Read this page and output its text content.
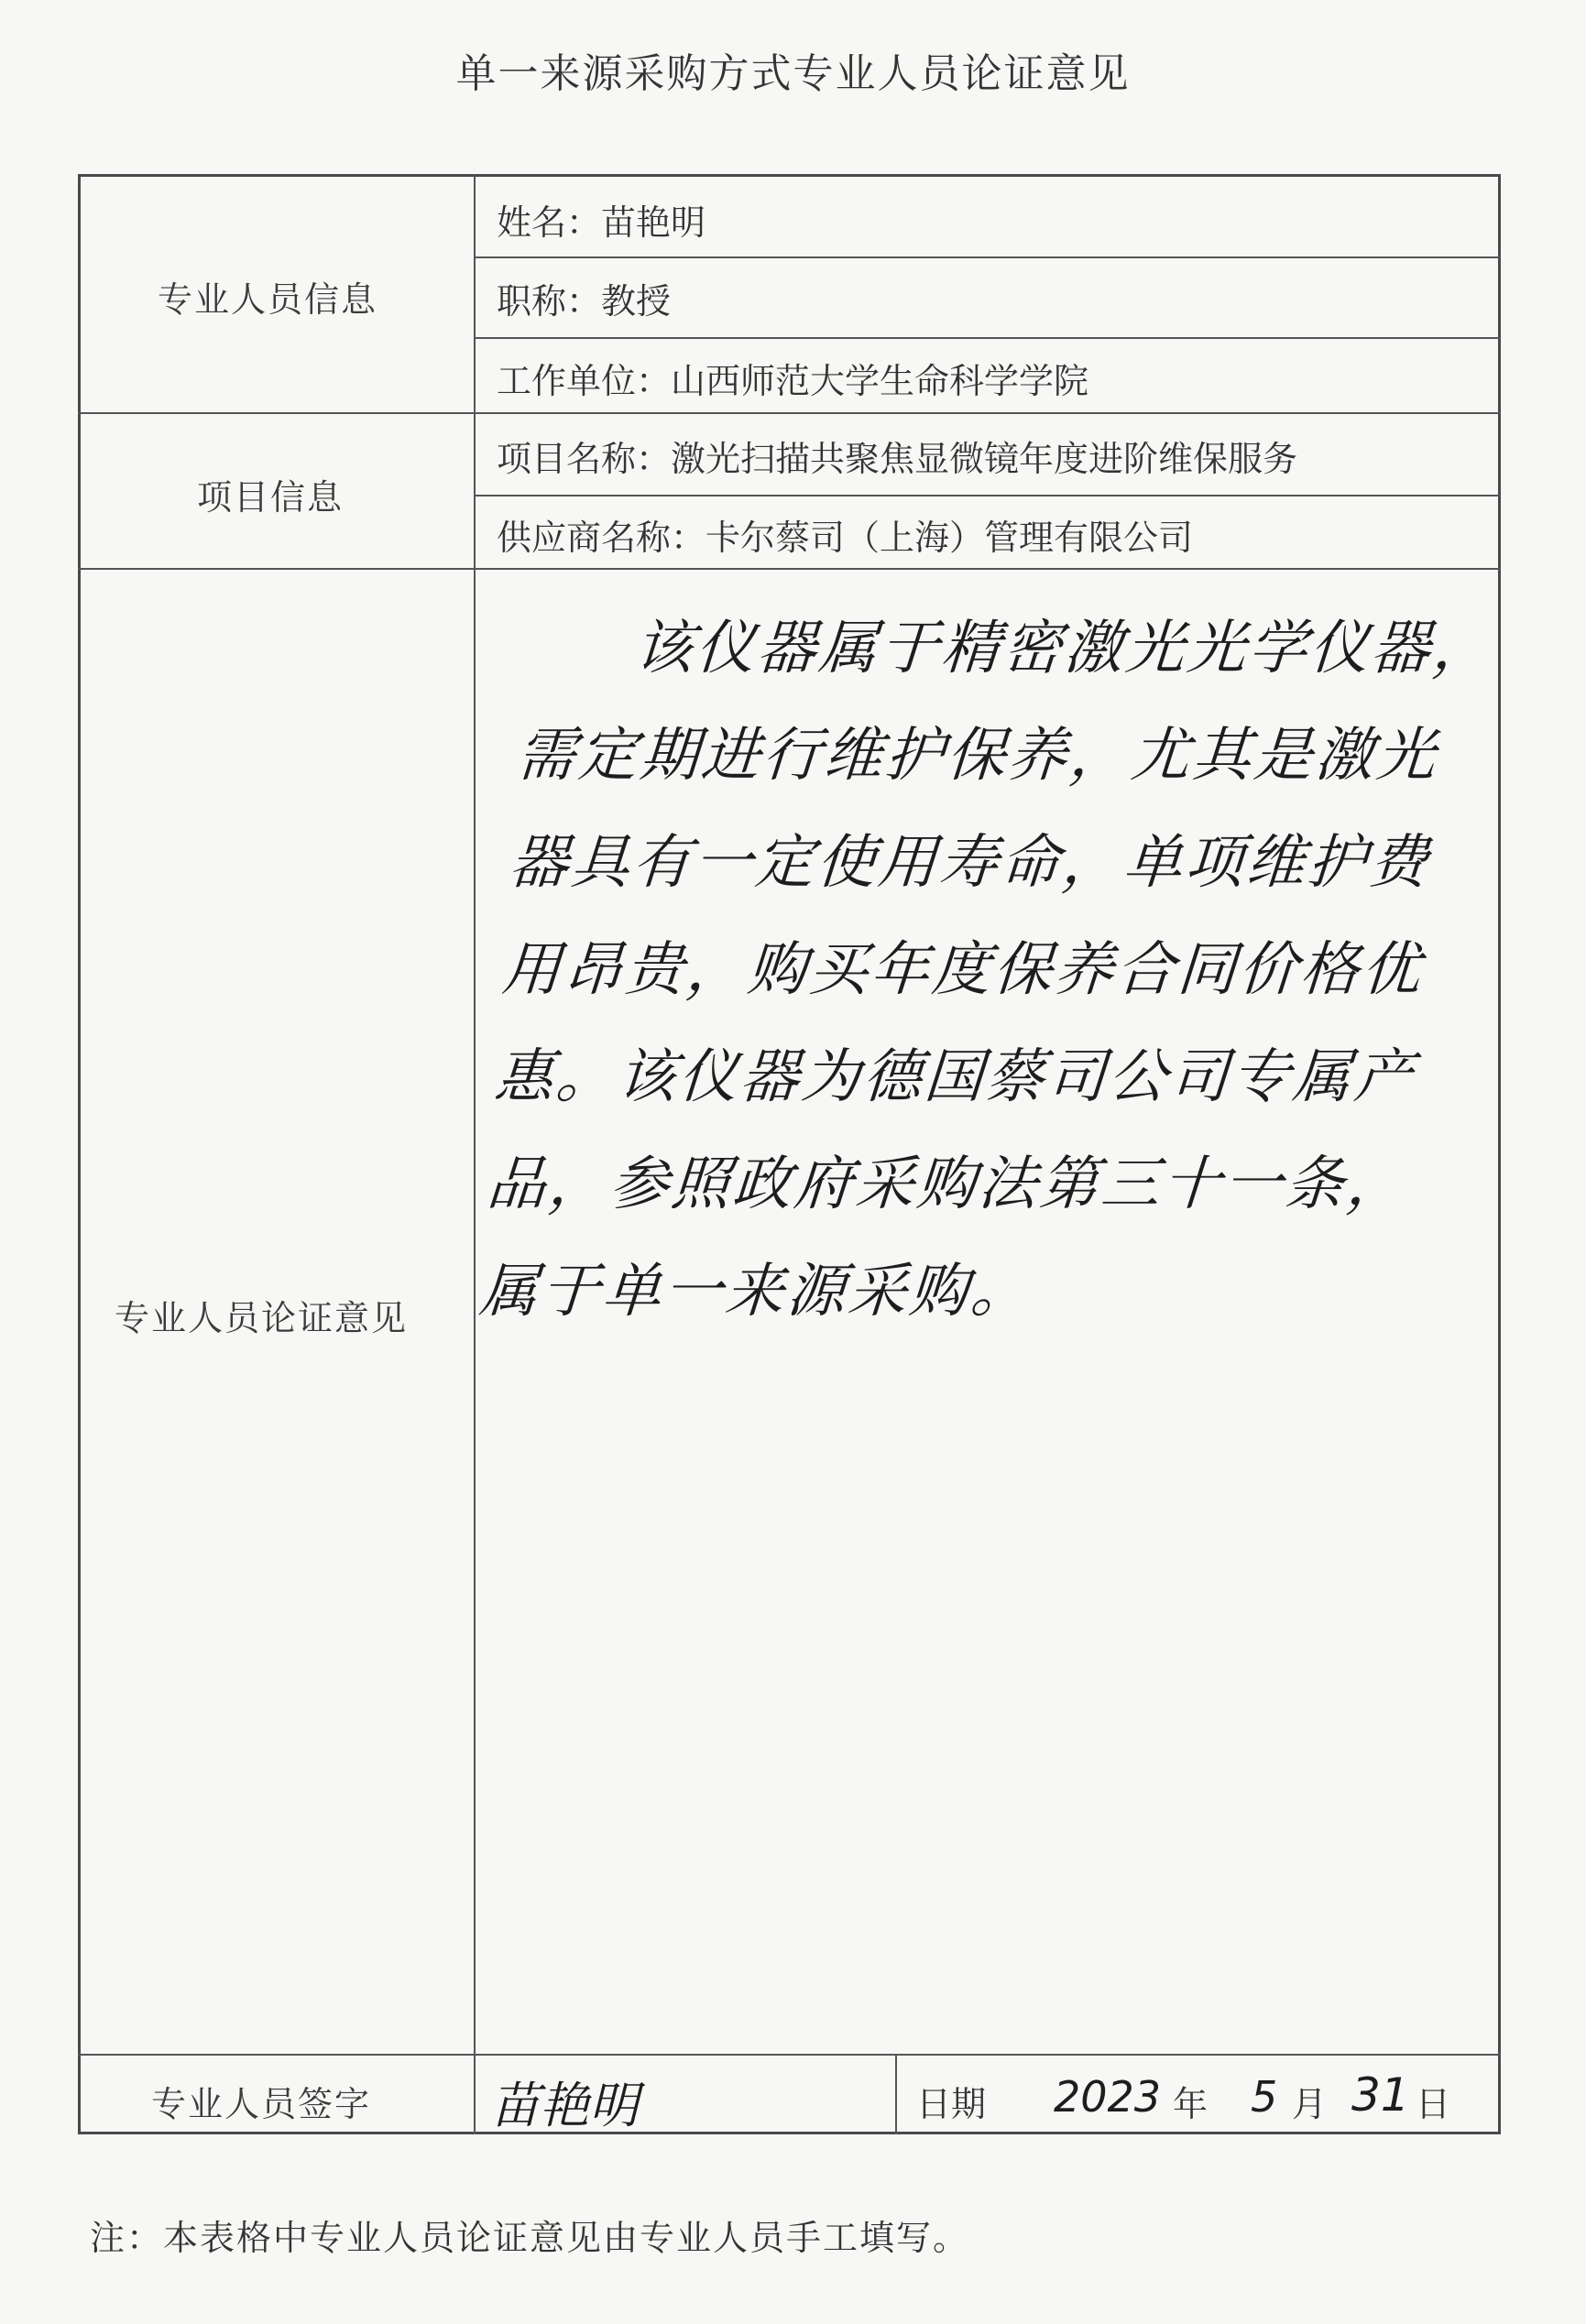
单一来源采购方式专业人员论证意见
专业人员信息
姓名：苗艳明
职称：教授
工作单位：山西师范大学生命科学学院
项目信息
项目名称：激光扫描共聚焦显微镜年度进阶维保服务
供应商名称：卡尔蔡司（上海）管理有限公司
专业人员论证意见
该仪器属于精密激光光学仪器，需定期进行维护保养，尤其是激光器具有一定使用寿命，单项维护费用昂贵，购买年度保养合同价格优惠。该仪器为德国蔡司公司专属产品，参照政府采购法第三十一条，属于单一来源采购。
专业人员签字 苗艳明	日期 2023 年 5 月 31 日
注：本表格中专业人员论证意见由专业人员手工填写。
